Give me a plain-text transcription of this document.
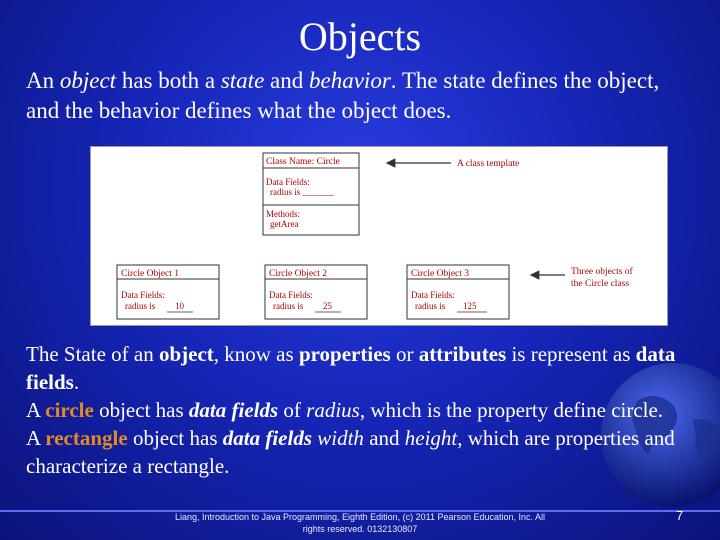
Objects
An object has both a state and behavior. The state defines the object, and the behavior defines what the object does.
Class Name: Circle
Data Fields:
radius is _______
Methods:
getArea
A class template
Circle Object 1
Data Fields:
radius is 10
Circle Object 2
Data Fields:
radius is 25
Circle Object 3
Data Fields:
radius is 125
Three objects of
the Circle class

The State of an object, know as properties or attributes is represent as data fields.

A circle object has data fields of radius, which is the property define circle.

A rectangle object has data fields width and height, which are properties and characterize a rectangle.

Liang, Introduction to Java Programming, Eighth Edition, (c) 2011 Pearson Education, Inc. All
rights reserved. 0132130807
7
